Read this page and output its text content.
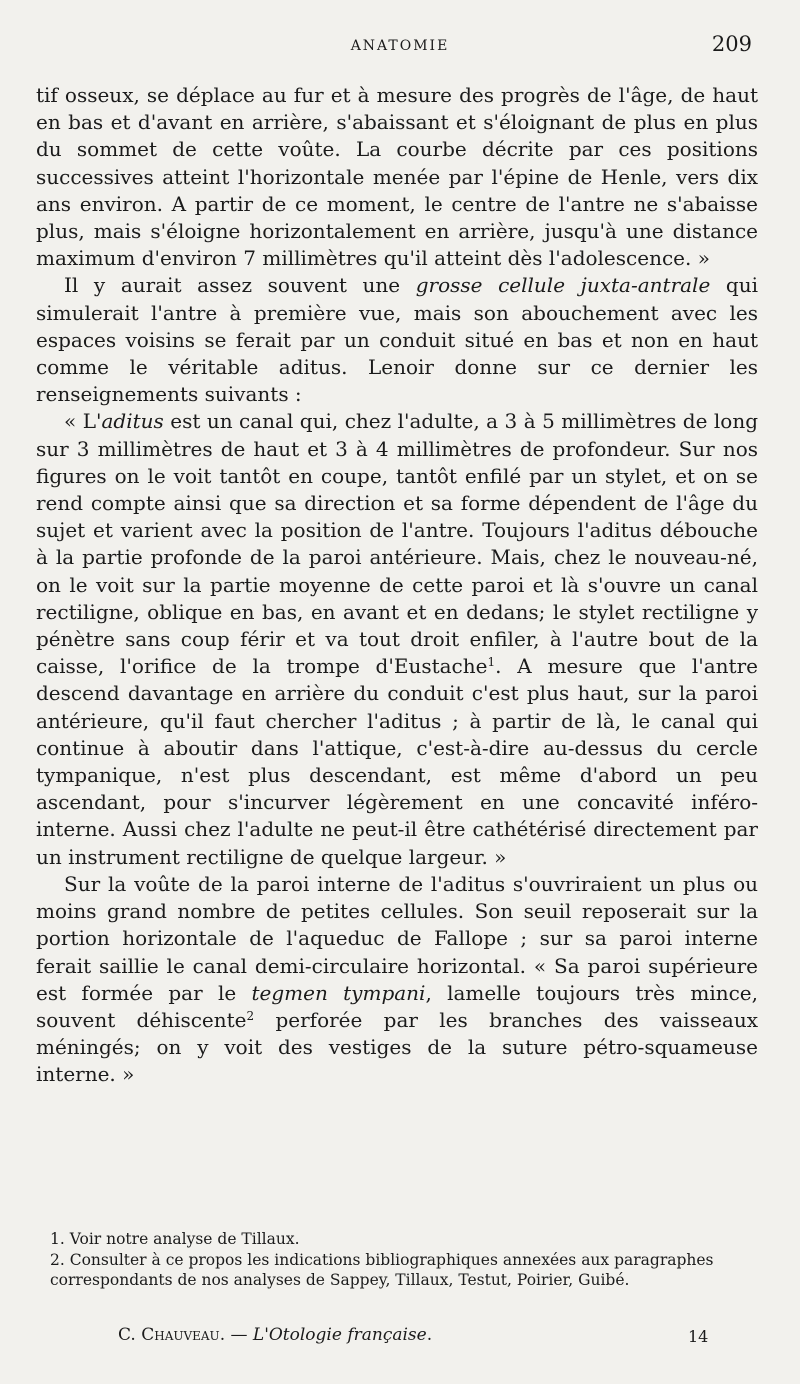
ANATOMIE	209

tif osseux, se déplace au fur et à mesure des progrès de l'âge, de haut en bas et d'avant en arrière, s'abaissant et s'éloignant de plus en plus du sommet de cette voûte. La courbe décrite par ces positions successives atteint l'horizontale menée par l'épine de Henle, vers dix ans environ. A partir de ce moment, le centre de l'antre ne s'abaisse plus, mais s'éloigne horizontalement en arrière, jusqu'à une distance maximum d'environ 7 millimètres qu'il atteint dès l'adolescence. »

Il y aurait assez souvent une grosse cellule juxta-antrale qui simulerait l'antre à première vue, mais son abouchement avec les espaces voisins se ferait par un conduit situé en bas et non en haut comme le véritable aditus. Lenoir donne sur ce dernier les renseignements suivants :

« L'aditus est un canal qui, chez l'adulte, a 3 à 5 millimètres de long sur 3 millimètres de haut et 3 à 4 millimètres de profondeur. Sur nos figures on le voit tantôt en coupe, tantôt enfilé par un stylet, et on se rend compte ainsi que sa direction et sa forme dépendent de l'âge du sujet et varient avec la position de l'antre. Toujours l'aditus débouche à la partie profonde de la paroi antérieure. Mais, chez le nouveau-né, on le voit sur la partie moyenne de cette paroi et là s'ouvre un canal rectiligne, oblique en bas, en avant et en dedans; le stylet rectiligne y pénètre sans coup férir et va tout droit enfiler, à l'autre bout de la caisse, l'orifice de la trompe d'Eustache$^1$. A mesure que l'antre descend davantage en arrière du conduit c'est plus haut, sur la paroi antérieure, qu'il faut chercher l'aditus ; à partir de là, le canal qui continue à aboutir dans l'attique, c'est-à-dire au-dessus du cercle tympanique, n'est plus descendant, est même d'abord un peu ascendant, pour s'incurver légèrement en une concavité inféro-interne. Aussi chez l'adulte ne peut-il être cathétérisé directement par un instrument rectiligne de quelque largeur. »

Sur la voûte de la paroi interne de l'aditus s'ouvriraient un plus ou moins grand nombre de petites cellules. Son seuil reposerait sur la portion horizontale de l'aqueduc de Fallope ; sur sa paroi interne ferait saillie le canal demi-circulaire horizontal. « Sa paroi supérieure est formée par le tegmen tympani, lamelle toujours très mince, souvent déhiscente$^2$ perforée par les branches des vaisseaux méningés; on y voit des vestiges de la suture pétro-squameuse interne. »

1. Voir notre analyse de Tillaux.

2. Consulter à ce propos les indications bibliographiques annexées aux paragraphes correspondants de nos analyses de Sappey, Tillaux, Testut, Poirier, Guibé.

C. Chauveau. — L'Otologie française.	14
